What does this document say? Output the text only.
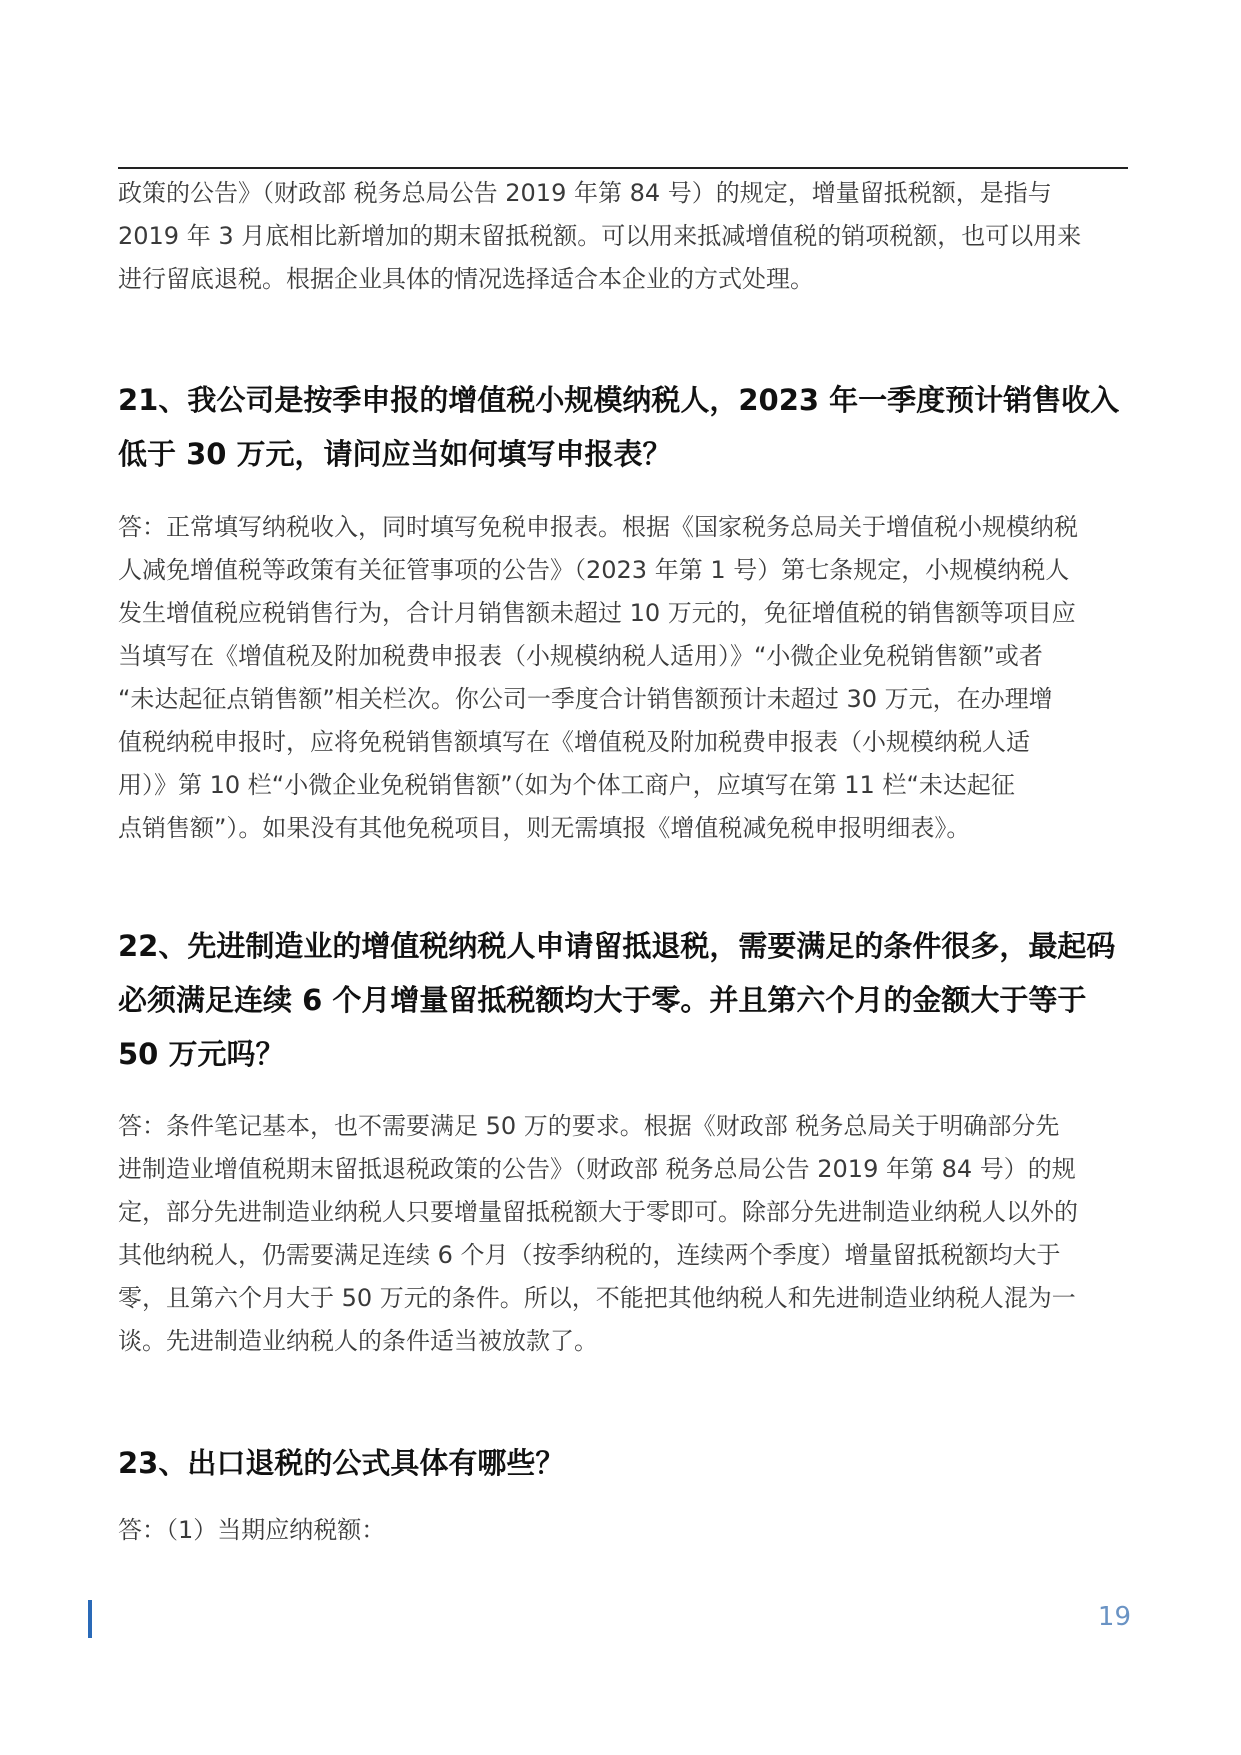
政策的公告》（财政部 税务总局公告 2019 年第 84 号）的规定，增量留抵税额，是指与
2019 年 3 月底相比新增加的期末留抵税额。可以用来抵减增值税的销项税额，也可以用来
进行留底退税。根据企业具体的情况选择适合本企业的方式处理。
21、我公司是按季申报的增值税小规模纳税人，2023 年一季度预计销售收入
低于 30 万元，请问应当如何填写申报表？
答：正常填写纳税收入，同时填写免税申报表。根据《国家税务总局关于增值税小规模纳税
人减免增值税等政策有关征管事项的公告》（2023 年第 1 号）第七条规定，小规模纳税人
发生增值税应税销售行为，合计月销售额未超过 10 万元的，免征增值税的销售额等项目应
当填写在《增值税及附加税费申报表（小规模纳税人适用）》“小微企业免税销售额”或者
“未达起征点销售额”相关栏次。你公司一季度合计销售额预计未超过 30 万元，在办理增
值税纳税申报时，应将免税销售额填写在《增值税及附加税费申报表（小规模纳税人适
用）》第 10 栏“小微企业免税销售额”（如为个体工商户，应填写在第 11 栏“未达起征
点销售额”）。如果没有其他免税项目，则无需填报《增值税减免税申报明细表》。
22、先进制造业的增值税纳税人申请留抵退税，需要满足的条件很多，最起码
必须满足连续 6 个月增量留抵税额均大于零。并且第六个月的金额大于等于
50 万元吗？
答：条件笔记基本，也不需要满足 50 万的要求。根据《财政部 税务总局关于明确部分先
进制造业增值税期末留抵退税政策的公告》（财政部 税务总局公告 2019 年第 84 号）的规
定，部分先进制造业纳税人只要增量留抵税额大于零即可。除部分先进制造业纳税人以外的
其他纳税人，仍需要满足连续 6 个月（按季纳税的，连续两个季度）增量留抵税额均大于
零，且第六个月大于 50 万元的条件。所以，不能把其他纳税人和先进制造业纳税人混为一
谈。先进制造业纳税人的条件适当被放款了。
23、出口退税的公式具体有哪些？
答：（1）当期应纳税额：
19
